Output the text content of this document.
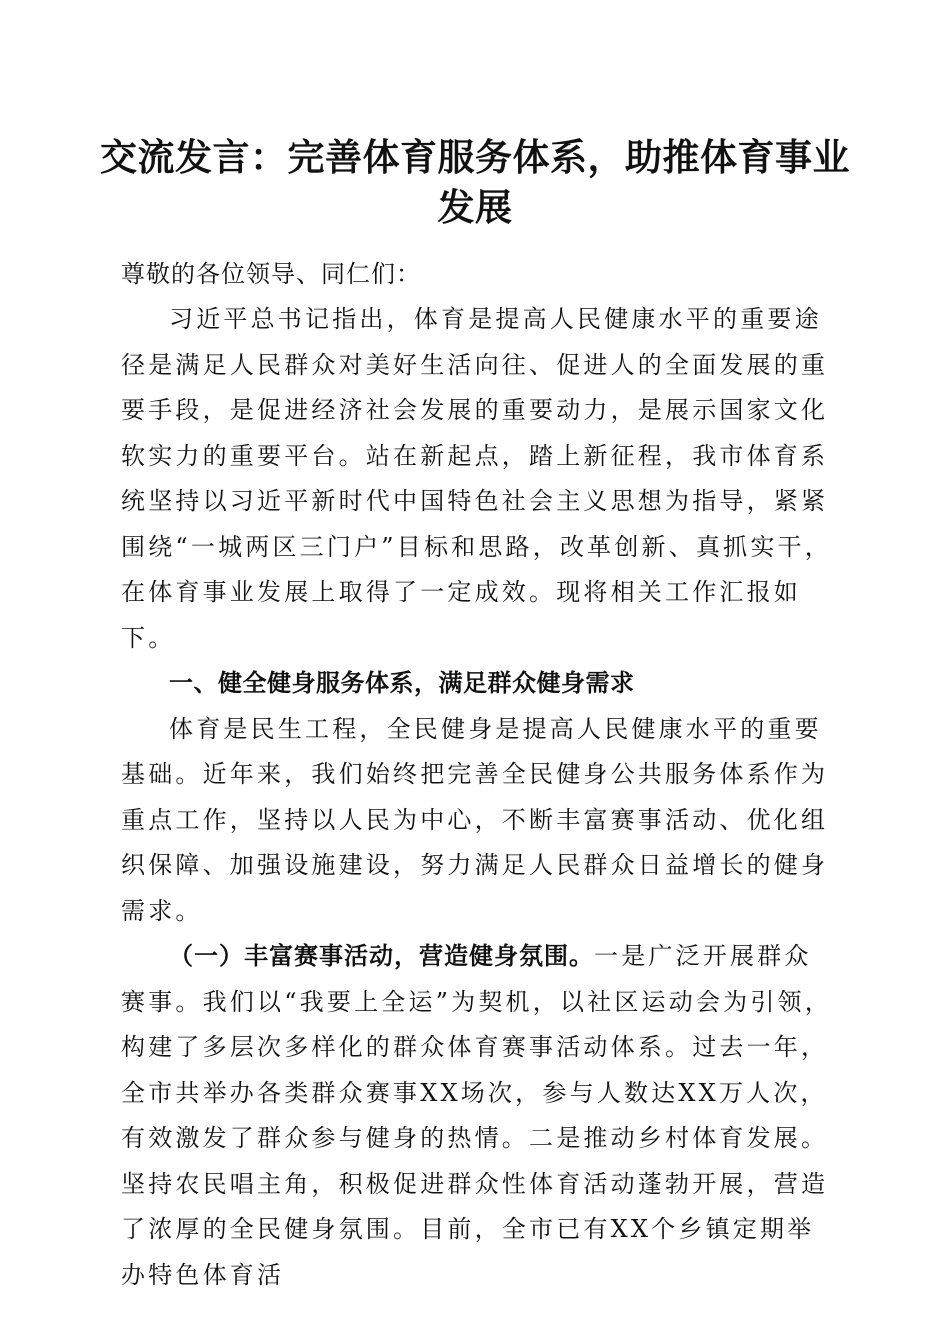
交流发言：完善体育服务体系，助推体育事业发展

尊敬的各位领导、同仁们：

习近平总书记指出，体育是提高人民健康水平的重要途径是满足人民群众对美好生活向往、促进人的全面发展的重要手段，是促进经济社会发展的重要动力，是展示国家文化软实力的重要平台。站在新起点，踏上新征程，我市体育系统坚持以习近平新时代中国特色社会主义思想为指导，紧紧围绕“一城两区三门户”目标和思路，改革创新、真抓实干，在体育事业发展上取得了一定成效。现将相关工作汇报如下。

一、健全健身服务体系，满足群众健身需求

体育是民生工程，全民健身是提高人民健康水平的重要基础。近年来，我们始终把完善全民健身公共服务体系作为重点工作，坚持以人民为中心，不断丰富赛事活动、优化组织保障、加强设施建设，努力满足人民群众日益增长的健身需求。

（一）丰富赛事活动，营造健身氛围。一是广泛开展群众赛事。我们以“我要上全运”为契机，以社区运动会为引领，构建了多层次多样化的群众体育赛事活动体系。过去一年，全市共举办各类群众赛事XX场次，参与人数达XX万人次，有效激发了群众参与健身的热情。二是推动乡村体育发展。坚持农民唱主角，积极促进群众性体育活动蓬勃开展，营造了浓厚的全民健身氛围。目前，全市已有XX个乡镇定期举办特色体育活
